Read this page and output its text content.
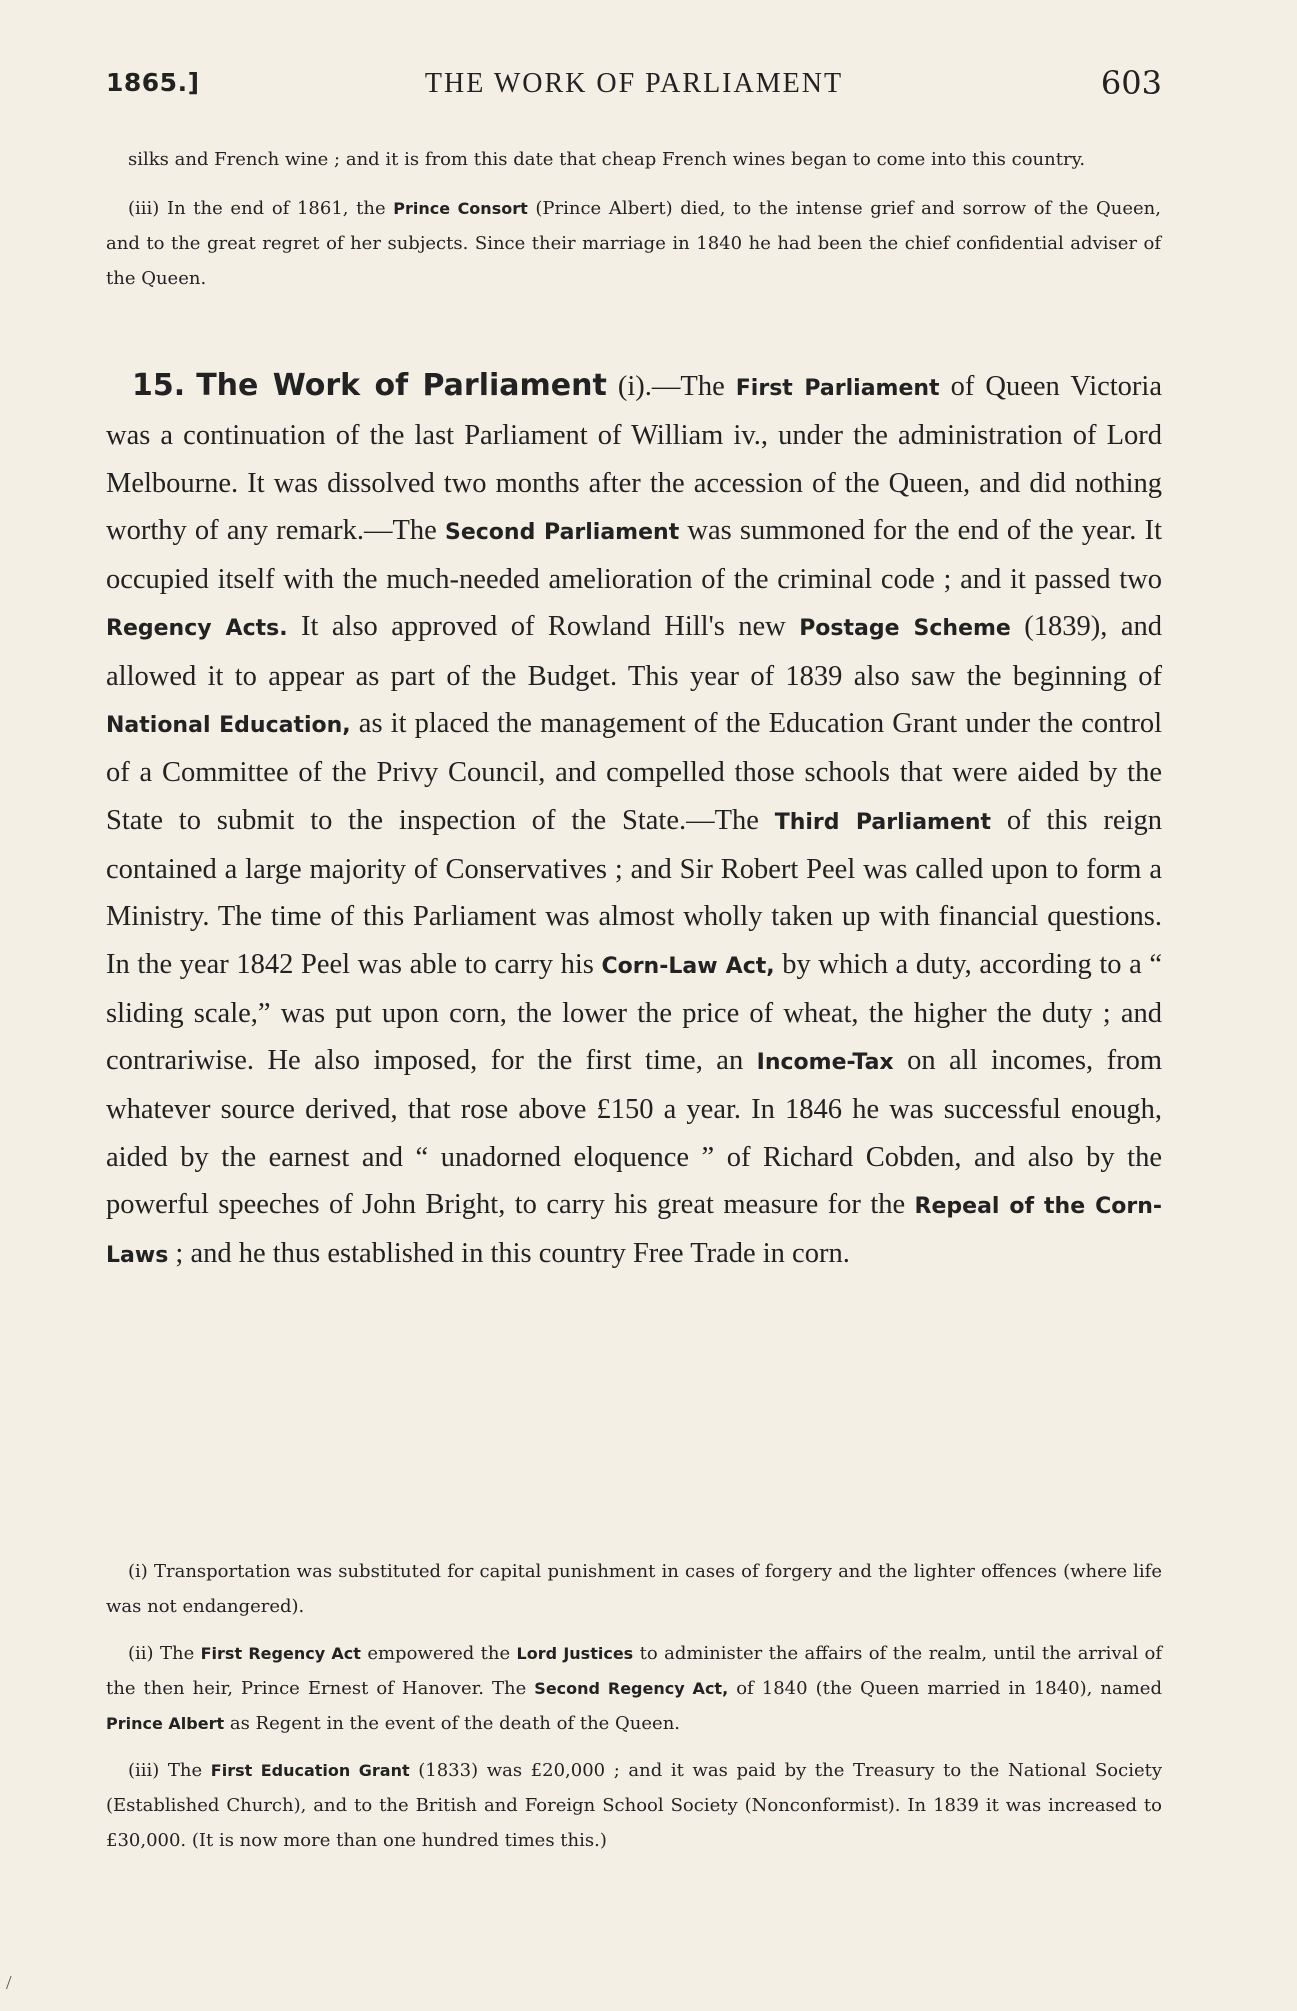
1865.]	THE WORK OF PARLIAMENT	603

silks and French wine ; and it is from this date that cheap French wines began to come into this country.

(iii) In the end of 1861, the Prince Consort (Prince Albert) died, to the intense grief and sorrow of the Queen, and to the great regret of her subjects. Since their marriage in 1840 he had been the chief confidential adviser of the Queen.

15. The Work of Parliament (i).—The First Parliament of Queen Victoria was a continuation of the last Parliament of William iv., under the administration of Lord Melbourne. It was dissolved two months after the accession of the Queen, and did nothing worthy of any remark.—The Second Parliament was summoned for the end of the year. It occupied itself with the much-needed amelioration of the criminal code ; and it passed two Regency Acts. It also approved of Rowland Hill's new Postage Scheme (1839), and allowed it to appear as part of the Budget. This year of 1839 also saw the beginning of National Education, as it placed the management of the Education Grant under the control of a Committee of the Privy Council, and compelled those schools that were aided by the State to submit to the inspection of the State.—The Third Parliament of this reign contained a large majority of Conservatives ; and Sir Robert Peel was called upon to form a Ministry. The time of this Parliament was almost wholly taken up with financial questions. In the year 1842 Peel was able to carry his Corn-Law Act, by which a duty, according to a “ sliding scale,” was put upon corn, the lower the price of wheat, the higher the duty ; and contrariwise. He also imposed, for the first time, an Income-Tax on all incomes, from whatever source derived, that rose above £150 a year. In 1846 he was successful enough, aided by the earnest and “ unadorned eloquence ” of Richard Cobden, and also by the powerful speeches of John Bright, to carry his great measure for the Repeal of the Corn-Laws ; and he thus established in this country Free Trade in corn.

(i) Transportation was substituted for capital punishment in cases of forgery and the lighter offences (where life was not endangered).

(ii) The First Regency Act empowered the Lord Justices to administer the affairs of the realm, until the arrival of the then heir, Prince Ernest of Hanover. The Second Regency Act, of 1840 (the Queen married in 1840), named Prince Albert as Regent in the event of the death of the Queen.

(iii) The First Education Grant (1833) was £20,000 ; and it was paid by the Treasury to the National Society (Established Church), and to the British and Foreign School Society (Nonconformist). In 1839 it was increased to £30,000. (It is now more than one hundred times this.)

/
